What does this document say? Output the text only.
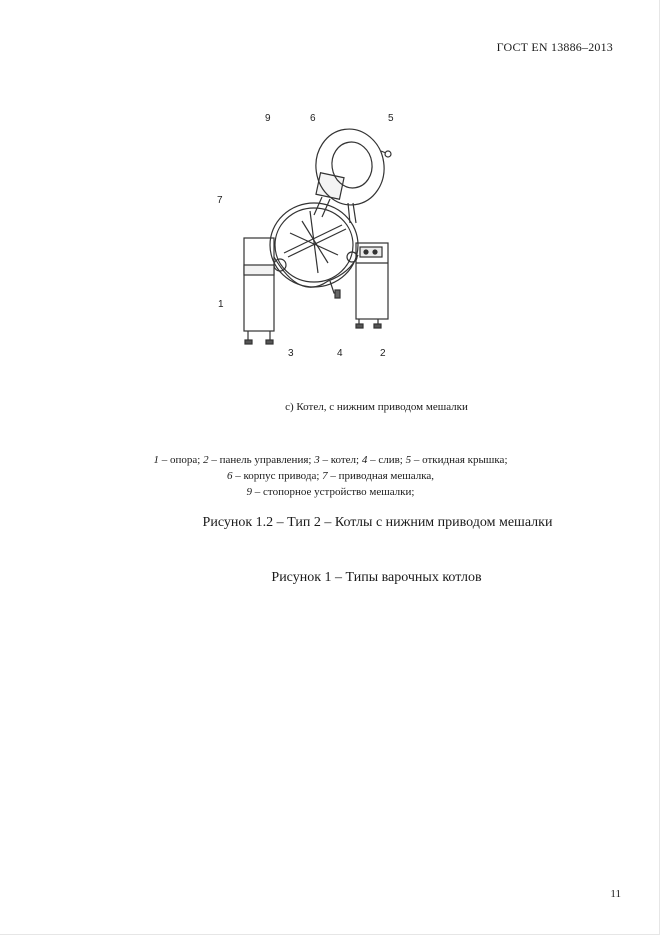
ГОСТ EN 13886–2013
9	6	5
7
1
3	4	2
c) Котел, с нижним приводом мешалки
1 – опора; 2 – панель управления; 3 – котел; 4 – слив; 5 – откидная крышка;
6 – корпус привода; 7 – приводная мешалка,
9 – стопорное устройство мешалки;
Рисунок 1.2 – Тип 2 – Котлы с нижним приводом мешалки
Рисунок 1 – Типы варочных котлов
11
